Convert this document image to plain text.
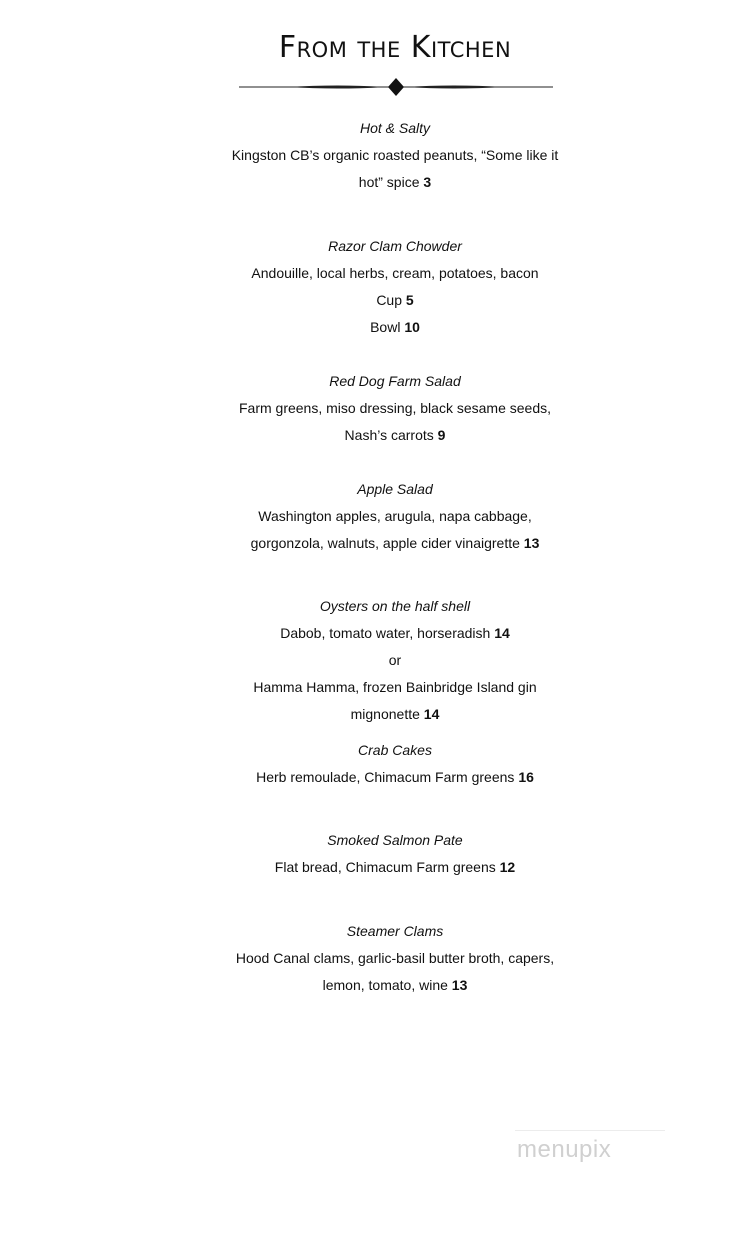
From the Kitchen
Hot & Salty
Kingston CB’s organic roasted peanuts, “Some like it
hot” spice 3
Razor Clam Chowder
Andouille, local herbs, cream, potatoes, bacon
Cup 5
Bowl 10
Red Dog Farm Salad
Farm greens, miso dressing, black sesame seeds,
Nash’s carrots 9
Apple Salad
Washington apples, arugula, napa cabbage,
gorgonzola, walnuts, apple cider vinaigrette 13
Oysters on the half shell
Dabob, tomato water, horseradish 14
or
Hamma Hamma, frozen Bainbridge Island gin
mignonette 14
Crab Cakes
Herb remoulade, Chimacum Farm greens 16
Smoked Salmon Pate
Flat bread, Chimacum Farm greens 12
Steamer Clams
Hood Canal clams, garlic-basil butter broth, capers,
lemon, tomato, wine 13
menupix
